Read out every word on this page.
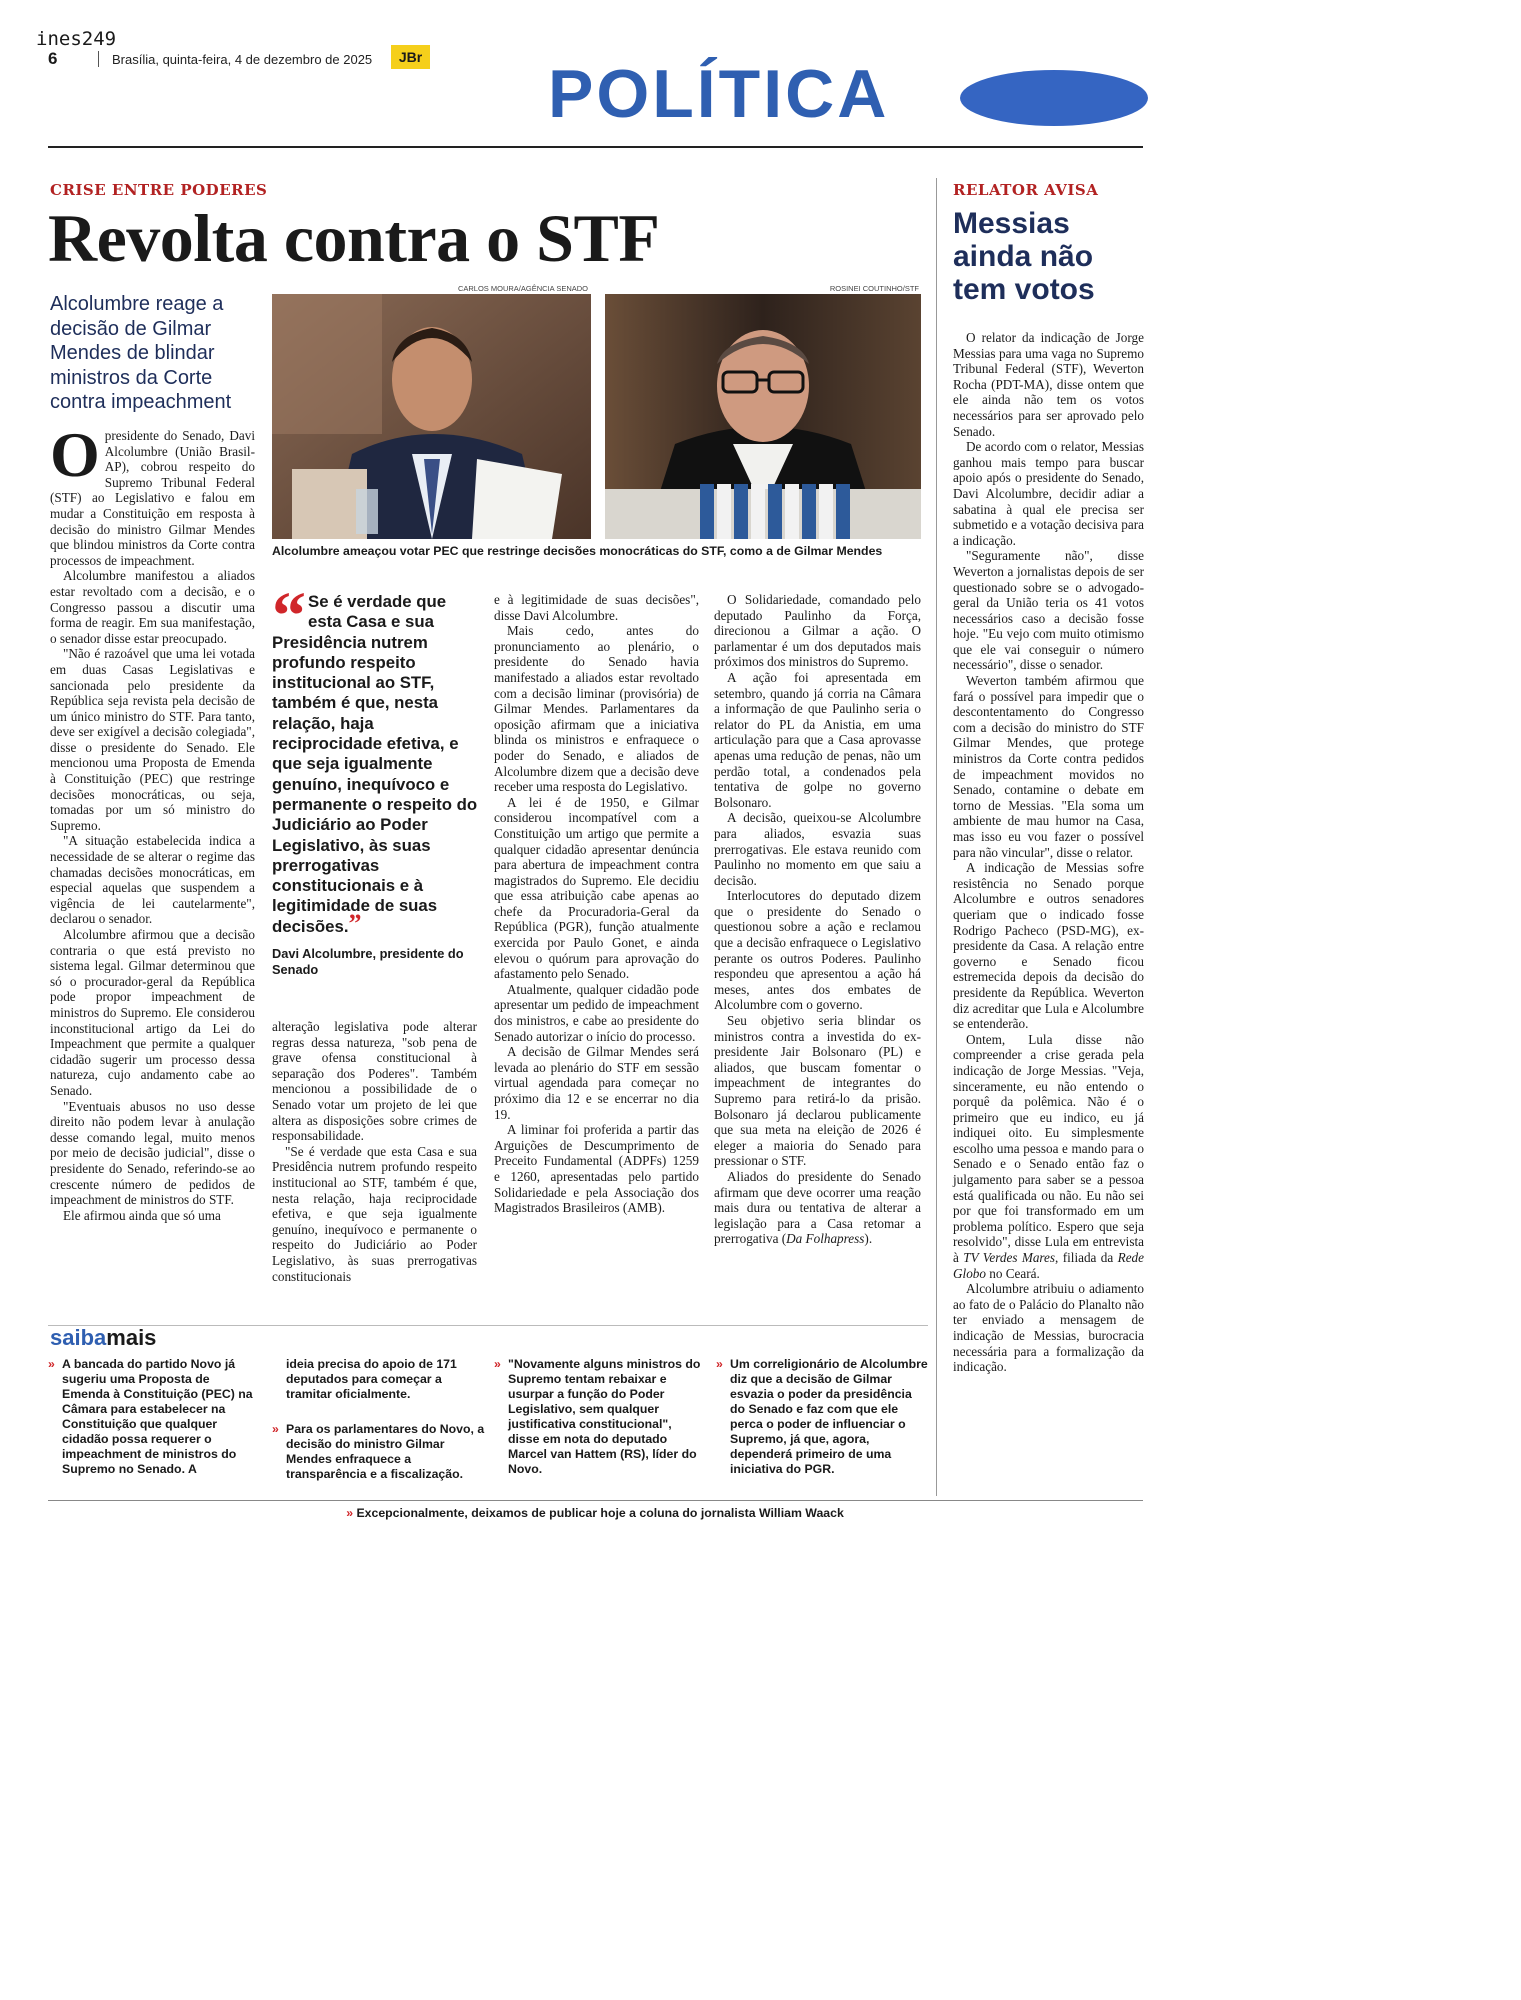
ines249
6	Brasília, quinta-feira, 4 de dezembro de 2025	JBr POLÍTICA
CRISE ENTRE PODERES
Revolta contra o STF
Alcolumbre reage a decisão de Gilmar Mendes de blindar ministros da Corte contra impeachment
CARLOS MOURA/AGÊNCIA SENADO	ROSINEI COUTINHO/STF
Alcolumbre ameaçou votar PEC que restringe decisões monocráticas do STF, como a de Gilmar Mendes

Opresidente do Senado, Davi Alcolumbre (União Brasil-AP), cobrou respeito do Supremo Tribunal Federal (STF) ao Legislativo e falou em mudar a Constituição em resposta à decisão do ministro Gilmar Mendes que blindou ministros da Corte contra processos de impeachment.

Alcolumbre manifestou a aliados estar revoltado com a decisão, e o Congresso passou a discutir uma forma de reagir. Em sua manifestação, o senador disse estar preocupado.

"Não é razoável que uma lei votada em duas Casas Legislativas e sancionada pelo presidente da República seja revista pela decisão de um único ministro do STF. Para tanto, deve ser exigível a decisão colegiada", disse o presidente do Senado. Ele mencionou uma Proposta de Emenda à Constituição (PEC) que restringe decisões monocráticas, ou seja, tomadas por um só ministro do Supremo.

"A situação estabelecida indica a necessidade de se alterar o regime das chamadas decisões monocráticas, em especial aquelas que suspendem a vigência de lei cautelarmente", declarou o senador.

Alcolumbre afirmou que a decisão contraria o que está previsto no sistema legal. Gilmar determinou que só o procurador-geral da República pode propor impeachment de ministros do Supremo. Ele considerou inconstitucional artigo da Lei do Impeachment que permite a qualquer cidadão sugerir um processo dessa natureza, cujo andamento cabe ao Senado.

"Eventuais abusos no uso desse direito não podem levar à anulação desse comando legal, muito menos por meio de decisão judicial", disse o presidente do Senado, referindo-se ao crescente número de pedidos de impeachment de ministros do STF.

Ele afirmou ainda que só uma

“ Se é verdade que esta Casa e sua Presidência nutrem profundo respeito institucional ao STF, também é que, nesta relação, haja reciprocidade efetiva, e que seja igualmente genuíno, inequívoco e permanente o respeito do Judiciário ao Poder Legislativo, às suas prerrogativas constitucionais e à legitimidade de suas decisões.”
Davi Alcolumbre, presidente do Senado

alteração legislativa pode alterar regras dessa natureza, "sob pena de grave ofensa constitucional à separação dos Poderes". Também mencionou a possibilidade de o Senado votar um projeto de lei que altera as disposições sobre crimes de responsabilidade.

"Se é verdade que esta Casa e sua Presidência nutrem profundo respeito institucional ao STF, também é que, nesta relação, haja reciprocidade efetiva, e que seja igualmente genuíno, inequívoco e permanente o respeito do Judiciário ao Poder Legislativo, às suas prerrogativas constitucionais

e à legitimidade de suas decisões", disse Davi Alcolumbre.

Mais cedo, antes do pronunciamento ao plenário, o presidente do Senado havia manifestado a aliados estar revoltado com a decisão liminar (provisória) de Gilmar Mendes. Parlamentares da oposição afirmam que a iniciativa blinda os ministros e enfraquece o poder do Senado, e aliados de Alcolumbre dizem que a decisão deve receber uma resposta do Legislativo.

A lei é de 1950, e Gilmar considerou incompatível com a Constituição um artigo que permite a qualquer cidadão apresentar denúncia para abertura de impeachment contra magistrados do Supremo. Ele decidiu que essa atribuição cabe apenas ao chefe da Procuradoria-Geral da República (PGR), função atualmente exercida por Paulo Gonet, e ainda elevou o quórum para aprovação do afastamento pelo Senado.

Atualmente, qualquer cidadão pode apresentar um pedido de impeachment dos ministros, e cabe ao presidente do Senado autorizar o início do processo.

A decisão de Gilmar Mendes será levada ao plenário do STF em sessão virtual agendada para começar no próximo dia 12 e se encerrar no dia 19.

A liminar foi proferida a partir das Arguições de Descumprimento de Preceito Fundamental (ADPFs) 1259 e 1260, apresentadas pelo partido Solidariedade e pela Associação dos Magistrados Brasileiros (AMB).

O Solidariedade, comandado pelo deputado Paulinho da Força, direcionou a Gilmar a ação. O parlamentar é um dos deputados mais próximos dos ministros do Supremo.

A ação foi apresentada em setembro, quando já corria na Câmara a informação de que Paulinho seria o relator do PL da Anistia, em uma articulação para que a Casa aprovasse apenas uma redução de penas, não um perdão total, a condenados pela tentativa de golpe no governo Bolsonaro.

A decisão, queixou-se Alcolumbre para aliados, esvazia suas prerrogativas. Ele estava reunido com Paulinho no momento em que saiu a decisão.

Interlocutores do deputado dizem que o presidente do Senado o questionou sobre a ação e reclamou que a decisão enfraquece o Legislativo perante os outros Poderes. Paulinho respondeu que apresentou a ação há meses, antes dos embates de Alcolumbre com o governo.

Seu objetivo seria blindar os ministros contra a investida do ex-presidente Jair Bolsonaro (PL) e aliados, que buscam fomentar o impeachment de integrantes do Supremo para retirá-lo da prisão. Bolsonaro já declarou publicamente que sua meta na eleição de 2026 é eleger a maioria do Senado para pressionar o STF.

Aliados do presidente do Senado afirmam que deve ocorrer uma reação mais dura ou tentativa de alterar a legislação para a Casa retomar a prerrogativa (Da Folhapress).

RELATOR AVISA
Messias ainda não tem votos

O relator da indicação de Jorge Messias para uma vaga no Supremo Tribunal Federal (STF), Weverton Rocha (PDT-MA), disse ontem que ele ainda não tem os votos necessários para ser aprovado pelo Senado.

De acordo com o relator, Messias ganhou mais tempo para buscar apoio após o presidente do Senado, Davi Alcolumbre, decidir adiar a sabatina à qual ele precisa ser submetido e a votação decisiva para a indicação.

"Seguramente não", disse Weverton a jornalistas depois de ser questionado sobre se o advogado-geral da União teria os 41 votos necessários caso a decisão fosse hoje. "Eu vejo com muito otimismo que ele vai conseguir o número necessário", disse o senador.

Weverton também afirmou que fará o possível para impedir que o descontentamento do Congresso com a decisão do ministro do STF Gilmar Mendes, que protege ministros da Corte contra pedidos de impeachment movidos no Senado, contamine o debate em torno de Messias. "Ela soma um ambiente de mau humor na Casa, mas isso eu vou fazer o possível para não vincular", disse o relator.

A indicação de Messias sofre resistência no Senado porque Alcolumbre e outros senadores queriam que o indicado fosse Rodrigo Pacheco (PSD-MG), ex-presidente da Casa. A relação entre governo e Senado ficou estremecida depois da decisão do presidente da República. Weverton diz acreditar que Lula e Alcolumbre se entenderão.

Ontem, Lula disse não compreender a crise gerada pela indicação de Jorge Messias. "Veja, sinceramente, eu não entendo o porquê da polêmica. Não é o primeiro que eu indico, eu já indiquei oito. Eu simplesmente escolho uma pessoa e mando para o Senado e o Senado então faz o julgamento para saber se a pessoa está qualificada ou não. Eu não sei por que foi transformado em um problema político. Espero que seja resolvido", disse Lula em entrevista à TV Verdes Mares, filiada da Rede Globo no Ceará.

Alcolumbre atribuiu o adiamento ao fato de o Palácio do Planalto não ter enviado a mensagem de indicação de Messias, burocracia necessária para a formalização da indicação.

saibamais
» A bancada do partido Novo já sugeriu uma Proposta de Emenda à Constituição (PEC) na Câmara para estabelecer na Constituição que qualquer cidadão possa requerer o impeachment de ministros do Supremo no Senado. A
ideia precisa do apoio de 171 deputados para começar a tramitar oficialmente.
» Para os parlamentares do Novo, a decisão do ministro Gilmar Mendes enfraquece a transparência e a fiscalização.
» "Novamente alguns ministros do Supremo tentam rebaixar e usurpar a função do Poder Legislativo, sem qualquer justificativa constitucional", disse em nota do deputado Marcel van Hattem (RS), líder do Novo.
» Um correligionário de Alcolumbre diz que a decisão de Gilmar esvazia o poder da presidência do Senado e faz com que ele perca o poder de influenciar o Supremo, já que, agora, dependerá primeiro de uma iniciativa do PGR.
» Excepcionalmente, deixamos de publicar hoje a coluna do jornalista William Waack
